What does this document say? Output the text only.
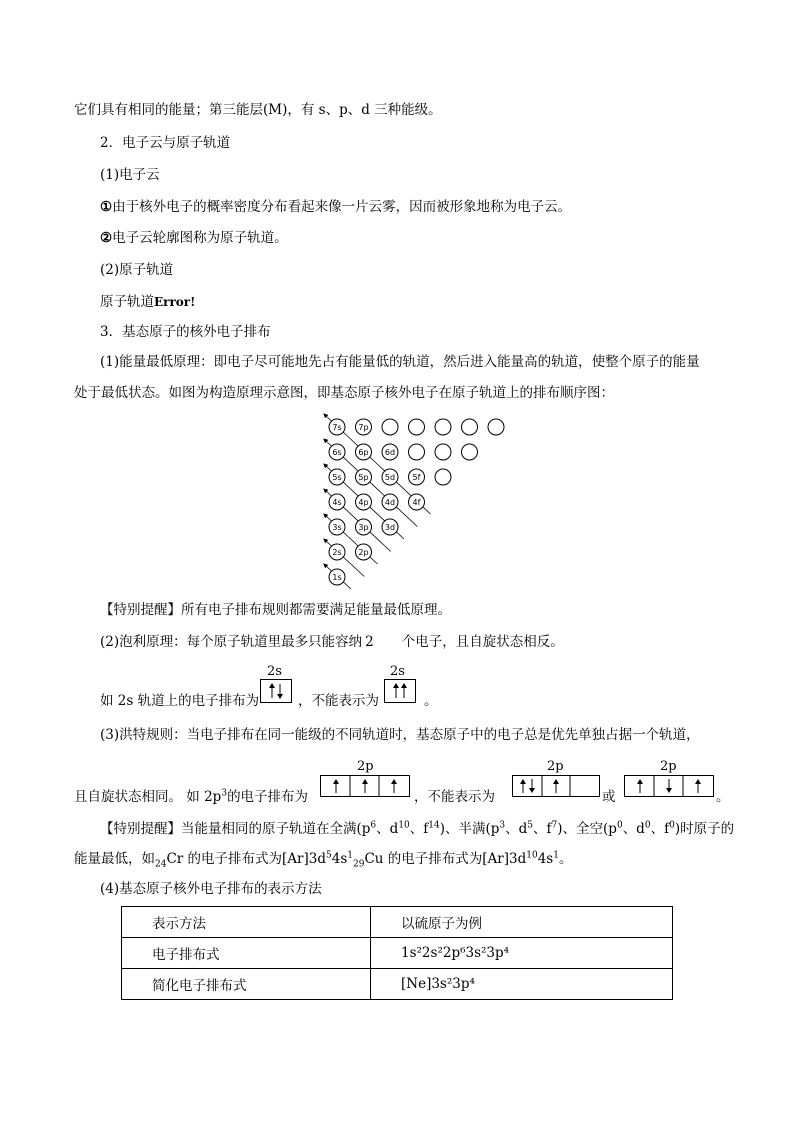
它们具有相同的能量；第三能层(M)，有 s、p、d 三种能级。
2．电子云与原子轨道
(1)电子云
①由于核外电子的概率密度分布看起来像一片云雾，因而被形象地称为电子云。
②电子云轮廓图称为原子轨道。
(2)原子轨道
原子轨道Error!
3．基态原子的核外电子排布
(1)能量最低原理：即电子尽可能地先占有能量低的轨道，然后进入能量高的轨道，使整个原子的能量
处于最低状态。如图为构造原理示意图，即基态原子核外电子在原子轨道上的排布顺序图：
7s 7p
6s 6p 6d
5s 5p 5d 5f
4s 4p 4d 4f
3s 3p 3d
2s 2p
1s
【特别提醒】所有电子排布规则都需要满足能量最低原理。
(2)泡利原理：每个原子轨道里最多只能容纳 2 个电子，且自旋状态相反。
2s	2s
如 2s 轨道上的电子排布为	，不能表示为	。
(3)洪特规则：当电子排布在同一能级的不同轨道时，基态原子中的电子总是优先单独占据一个轨道，
2p	2p	2p
且自旋状态相同。 如 $2p^3$的电子排布为	，不能表示为	或	。
【特别提醒】当能量相同的原子轨道在全满($p^6$、$d^{10}$、$f^{14}$)、半满($p^3$、$d^5$、$f^7$)、全空($p^0$、$d^0$、$f^0$)时原子的
能量最低，如$_{24}$Cr 的电子排布式为$[Ar]3d^54s^1_{29}Cu$ 的电子排布式为$[Ar]3d^{10}4s^1$。
(4)基态原子核外电子排布的表示方法
表示方法	以硫原子为例
电子排布式	1s²2s²2p⁶3s²3p⁴
简化电子排布式	[Ne]3s²3p⁴
